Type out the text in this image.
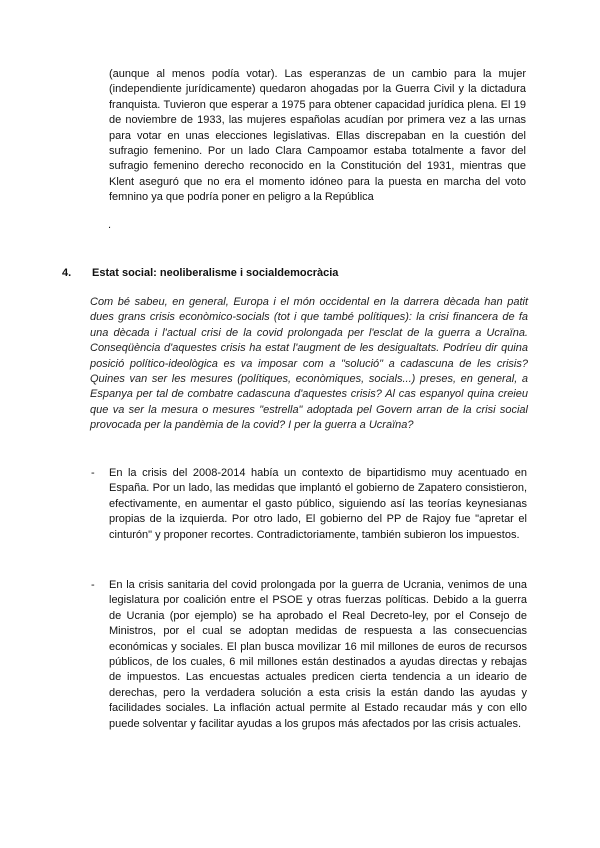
(aunque al menos podía votar). Las esperanzas de un cambio para la mujer (independiente jurídicamente) quedaron ahogadas por la Guerra Civil y la dictadura franquista. Tuvieron que esperar a 1975 para obtener capacidad jurídica plena. El 19 de noviembre de 1933, las mujeres españolas acudían por primera vez a las urnas para votar en unas elecciones legislativas. Ellas discrepaban en la cuestión del sufragio femenino. Por un lado Clara Campoamor estaba totalmente a favor del sufragio femenino derecho reconocido en la Constitución del 1931, mientras que Klent aseguró que no era el momento idóneo para la puesta en marcha del voto femnino ya que podría poner en peligro a la República

.
4. Estat social: neoliberalisme i socialdemocràcia

Com bé sabeu, en general, Europa i el món occidental en la darrera dècada han patit dues grans crisis econòmico-socials (tot i que també polítiques): la crisi financera de fa una dècada i l'actual crisi de la covid prolongada per l'esclat de la guerra a Ucraïna. Conseqüència d'aquestes crisis ha estat l'augment de les desigualtats. Podríeu dir quina posició político-ideològica es va imposar com a "solució" a cadascuna de les crisis? Quines van ser les mesures (polítiques, econòmiques, socials...) preses, en general, a Espanya per tal de combatre cadascuna d'aquestes crisis? Al cas espanyol quina creieu que va ser la mesura o mesures "estrella" adoptada pel Govern arran de la crisi social provocada per la pandèmia de la covid? I per la guerra a Ucraïna?

- En la crisis del 2008-2014 había un contexto de bipartidismo muy acentuado en España. Por un lado, las medidas que implantó el gobierno de Zapatero consistieron, efectivamente, en aumentar el gasto público, siguiendo así las teorías keynesianas propias de la izquierda. Por otro lado, El gobierno del PP de Rajoy fue "apretar el cinturón" y proponer recortes. Contradictoriamente, también subieron los impuestos.

- En la crisis sanitaria del covid prolongada por la guerra de Ucrania, venimos de una legislatura por coalición entre el PSOE y otras fuerzas políticas. Debido a la guerra de Ucrania (por ejemplo) se ha aprobado el Real Decreto-ley, por el Consejo de Ministros, por el cual se adoptan medidas de respuesta a las consecuencias económicas y sociales. El plan busca movilizar 16 mil millones de euros de recursos públicos, de los cuales, 6 mil millones están destinados a ayudas directas y rebajas de impuestos. Las encuestas actuales predicen cierta tendencia a un ideario de derechas, pero la verdadera solución a esta crisis la están dando las ayudas y facilidades sociales. La inflación actual permite al Estado recaudar más y con ello puede solventar y facilitar ayudas a los grupos más afectados por las crisis actuales.
